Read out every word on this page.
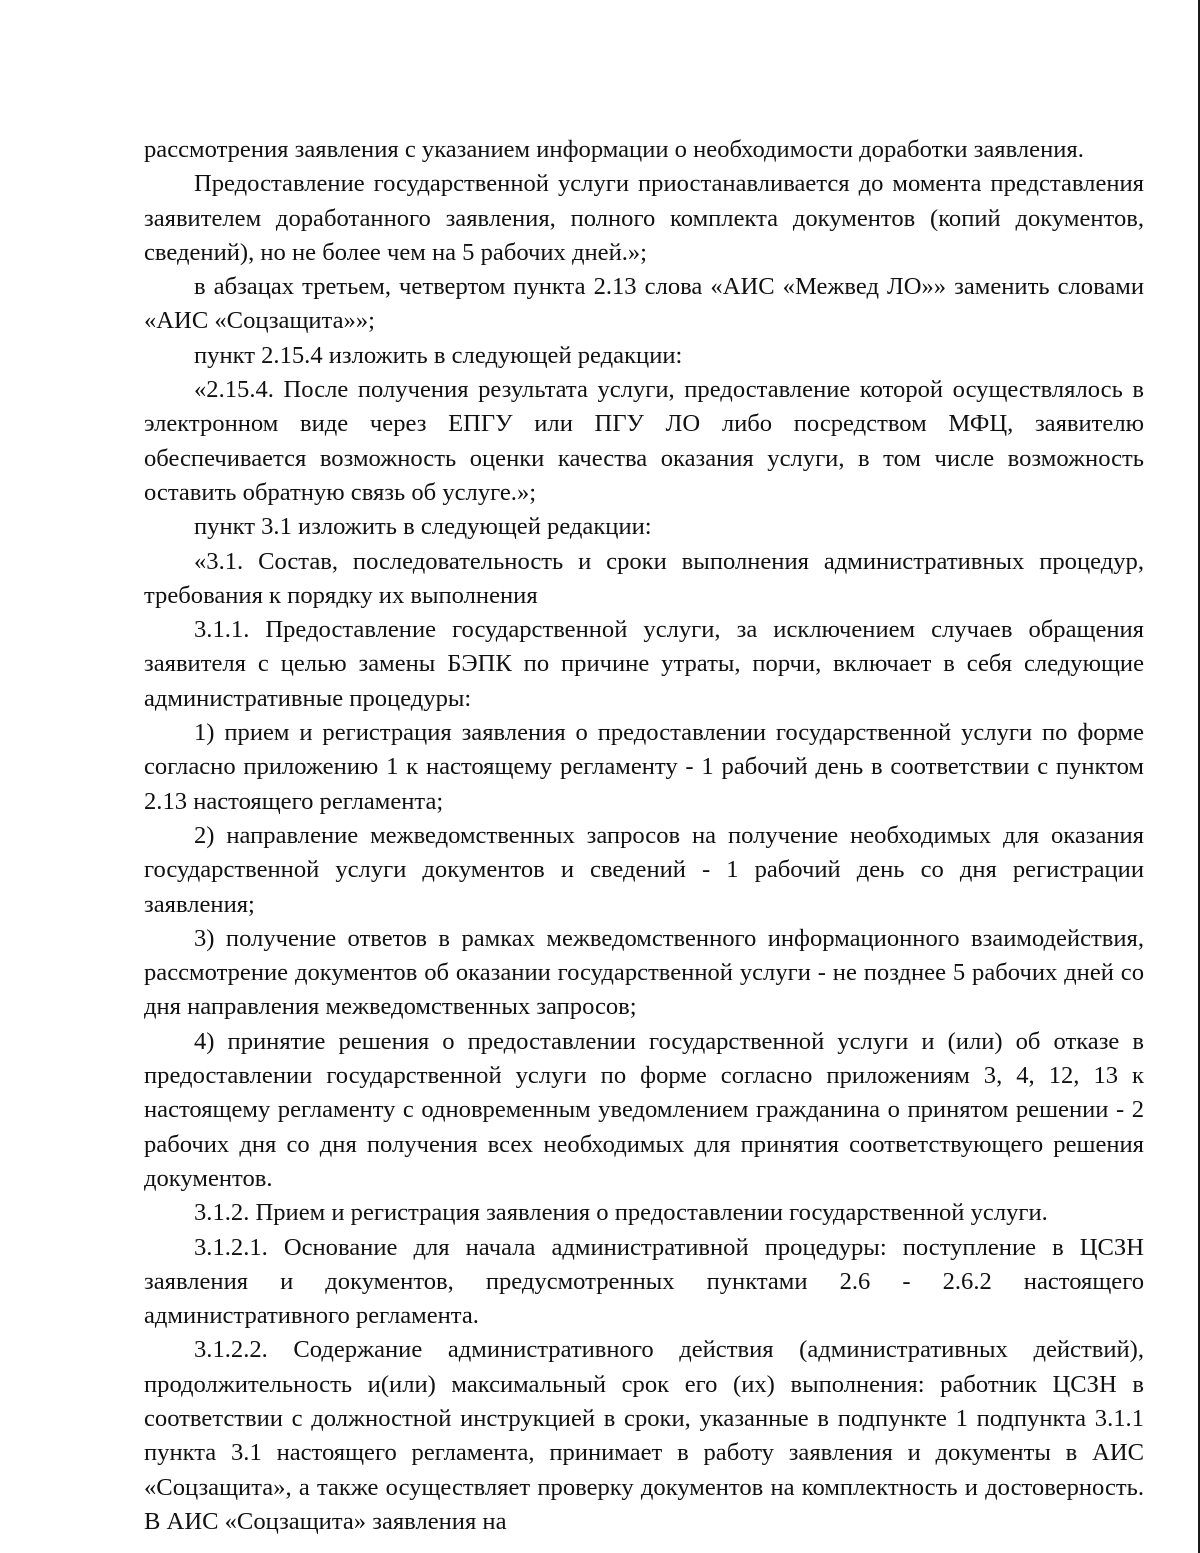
рассмотрения заявления с указанием информации о необходимости доработки заявления.

Предоставление государственной услуги приостанавливается до момента представления заявителем доработанного заявления, полного комплекта документов (копий документов, сведений), но не более чем на 5 рабочих дней.»;

в абзацах третьем, четвертом пункта 2.13 слова «АИС «Межвед ЛО»» заменить словами «АИС «Соцзащита»»;

пункт 2.15.4 изложить в следующей редакции:

«2.15.4. После получения результата услуги, предоставление которой осуществлялось в электронном виде через ЕПГУ или ПГУ ЛО либо посредством МФЦ, заявителю обеспечивается возможность оценки качества оказания услуги, в том числе возможность оставить обратную связь об услуге.»;

пункт 3.1 изложить в следующей редакции:

«3.1. Состав, последовательность и сроки выполнения административных процедур, требования к порядку их выполнения

3.1.1. Предоставление государственной услуги, за исключением случаев обращения заявителя с целью замены БЭПК по причине утраты, порчи, включает в себя следующие административные процедуры:

1) прием и регистрация заявления о предоставлении государственной услуги по форме согласно приложению 1 к настоящему регламенту - 1 рабочий день в соответствии с пунктом 2.13 настоящего регламента;

2) направление межведомственных запросов на получение необходимых для оказания государственной услуги документов и сведений - 1 рабочий день со дня регистрации заявления;

3) получение ответов в рамках межведомственного информационного взаимодействия, рассмотрение документов об оказании государственной услуги - не позднее 5 рабочих дней со дня направления межведомственных запросов;

4) принятие решения о предоставлении государственной услуги и (или) об отказе в предоставлении государственной услуги по форме согласно приложениям 3, 4, 12, 13 к настоящему регламенту с одновременным уведомлением гражданина о принятом решении - 2 рабочих дня со дня получения всех необходимых для принятия соответствующего решения документов.

3.1.2. Прием и регистрация заявления о предоставлении государственной услуги.

3.1.2.1. Основание для начала административной процедуры: поступление в ЦСЗН заявления и документов, предусмотренных пунктами 2.6 - 2.6.2 настоящего административного регламента.

3.1.2.2. Содержание административного действия (административных действий), продолжительность и(или) максимальный срок его (их) выполнения: работник ЦСЗН в соответствии с должностной инструкцией в сроки, указанные в подпункте 1 подпункта 3.1.1 пункта 3.1 настоящего регламента, принимает в работу заявления и документы в АИС «Соцзащита», а также осуществляет проверку документов на комплектность и достоверность. В АИС «Соцзащита» заявления на
